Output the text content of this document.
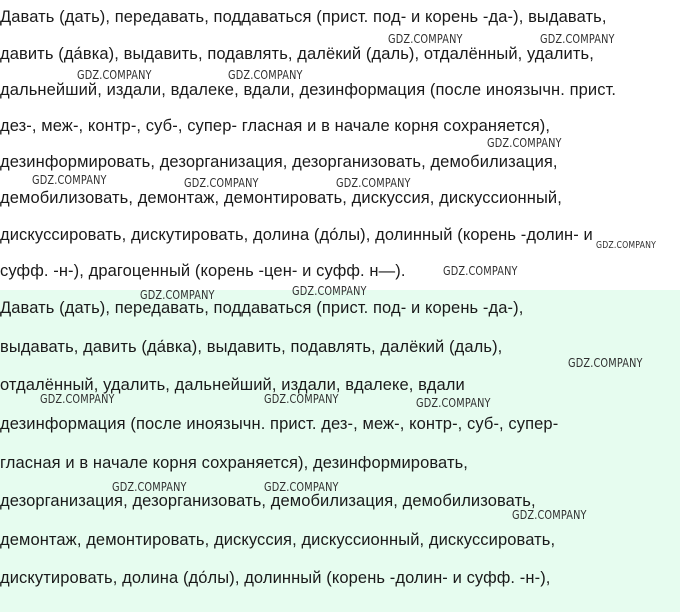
Давать (дать), передавать, поддаваться (прист. под- и корень -да-), выдавать,
давить (да́вка), выдавить, подавлять, далёкий (даль), отдалённый, удалить,
дальнейший, издали, вдалеке, вдали, дезинформация (после иноязычн. прист.
дез-, меж-, контр-, суб-, супер- гласная и в начале корня сохраняется),
дезинформировать, дезорганизация, дезорганизовать, демобилизация,
демобилизовать, демонтаж, демонтировать, дискуссия, дискуссионный,
дискуссировать, дискутировать, долина (до́лы), долинный (корень -долин- и
суфф. -н-), драгоценный (корень -цен- и суфф. н—).
Давать (дать), передавать, поддаваться (прист. под- и корень -да-),
выдавать, давить (да́вка), выдавить, подавлять, далёкий (даль),
отдалённый, удалить, дальнейший, издали, вдалеке, вдали
дезинформация (после иноязычн. прист. дез-, меж-, контр-, суб-, супер-
гласная и в начале корня сохраняется), дезинформировать,
дезорганизация, дезорганизовать, демобилизация, демобилизовать,
демонтаж, демонтировать, дискуссия, дискуссионный, дискуссировать,
дискутировать, долина (до́лы), долинный (корень -долин- и суфф. -н-),
GDZ.COMPANY	GDZ.COMPANY
GDZ.COMPANY	GDZ.COMPANY
GDZ.COMPANY
GDZ.COMPANY	GDZ.COMPANY	GDZ.COMPANY
GDZ.COMPANY
GDZ.COMPANY
GDZ.COMPANY	GDZ.COMPANY
GDZ.COMPANY
GDZ.COMPANY	GDZ.COMPANY	GDZ.COMPANY
GDZ.COMPANY	GDZ.COMPANY
GDZ.COMPANY
